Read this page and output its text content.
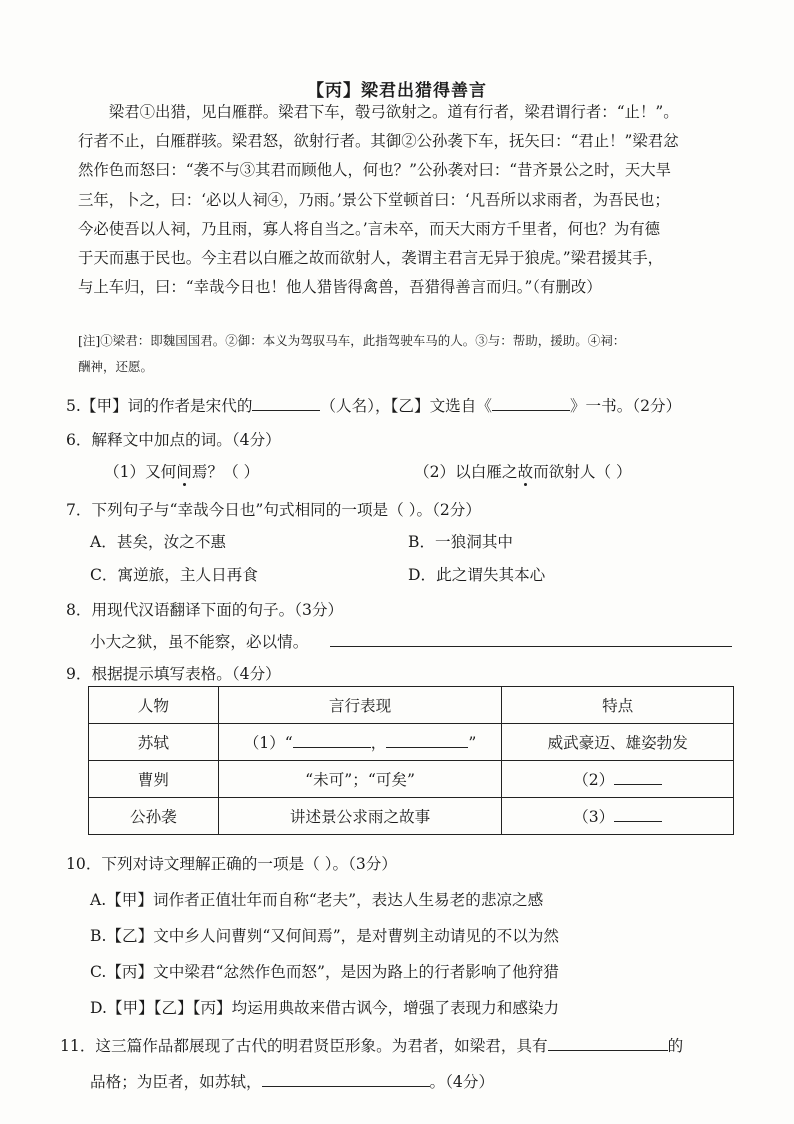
【丙】梁君出猎得善言

梁君①出猎，见白雁群。梁君下车，彀弓欲射之。道有行者，梁君谓行者：“止！”。

行者不止，白雁群骇。梁君怒，欲射行者。其御②公孙袭下车，抚矢曰：“君止！”梁君忿

然作色而怒曰：“袭不与③其君而顾他人，何也？”公孙袭对曰：“昔齐景公之时，天大旱

三年，卜之，曰：‘必以人祠④，乃雨。’景公下堂顿首曰：‘凡吾所以求雨者，为吾民也；

今必使吾以人祠，乃且雨，寡人将自当之。’言未卒，而天大雨方千里者，何也？为有德

于天而惠于民也。今主君以白雁之故而欲射人，袭谓主君言无异于狼虎。”梁君援其手，

与上车归，曰：“幸哉今日也！他人猎皆得禽兽，吾猎得善言而归。”（有删改）

[注]①梁君：即魏国国君。②御：本义为驾驭马车，此指驾驶车马的人。③与：帮助，援助。④祠：
酬神，还愿。
5.【甲】词的作者是宋代的	（人名），【乙】文选自《	》一书。（2分）
6．解释文中加点的词。（4分）
（1）又何间焉？（ ）	（2）以白雁之故而欲射人（ ）
7．下列句子与“幸哉今日也”句式相同的一项是（ ）。（2分）
A．甚矣，汝之不惠	B．一狼洞其中
C．寓逆旅，主人日再食	D．此之谓失其本心
8．用现代汉语翻译下面的句子。（3分）
小大之狱，虽不能察，必以情。
9．根据提示填写表格。（4分）
人物	言行表现	特点
苏轼	（1）“ ， ”	威武豪迈、雄姿勃发
曹刿	“未可”；“可矣”	（2）
公孙袭	讲述景公求雨之故事	（3）
10．下列对诗文理解正确的一项是（ ）。（3分）
A.【甲】词作者正值壮年而自称“老夫”，表达人生易老的悲凉之感
B.【乙】文中乡人问曹刿“又何间焉”，是对曹刿主动请见的不以为然
C.【丙】文中梁君“忿然作色而怒”，是因为路上的行者影响了他狩猎
D.【甲】【乙】【丙】均运用典故来借古讽今，增强了表现力和感染力
11．这三篇作品都展现了古代的明君贤臣形象。为君者，如梁君，具有	的
品格；为臣者，如苏轼，	。（4分）
